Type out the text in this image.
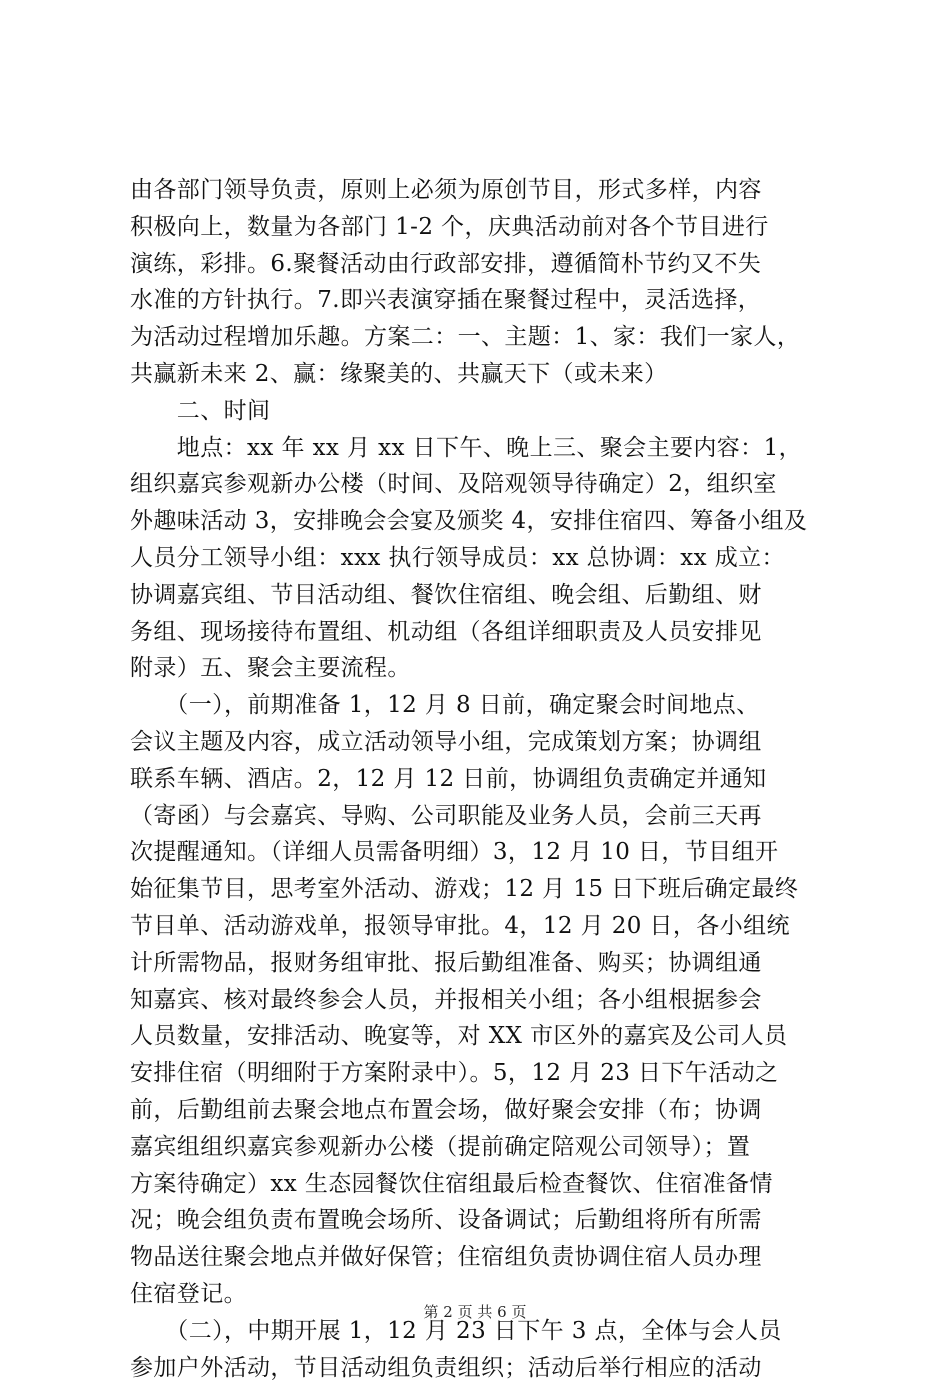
由各部门领导负责，原则上必须为原创节目，形式多样，内容
积极向上，数量为各部门 1-2 个，庆典活动前对各个节目进行
演练，彩排。6.聚餐活动由行政部安排，遵循简朴节约又不失
水准的方针执行。7.即兴表演穿插在聚餐过程中，灵活选择，
为活动过程增加乐趣。方案二：一、主题：1、家：我们一家人，
共赢新未来 2、赢：缘聚美的、共赢天下（或未来）
　　二、时间
　　地点：xx 年 xx 月 xx 日下午、晚上三、聚会主要内容：1，
组织嘉宾参观新办公楼（时间、及陪观领导待确定）2，组织室
外趣味活动 3，安排晚会会宴及颁奖 4，安排住宿四、筹备小组及
人员分工领导小组：xxx 执行领导成员：xx 总协调：xx 成立：
协调嘉宾组、节目活动组、餐饮住宿组、晚会组、后勤组、财
务组、现场接待布置组、机动组（各组详细职责及人员安排见
附录）五、聚会主要流程。
　　（一），前期准备 1，12 月 8 日前，确定聚会时间地点、
会议主题及内容，成立活动领导小组，完成策划方案；协调组
联系车辆、酒店。2，12 月 12 日前，协调组负责确定并通知
（寄函）与会嘉宾、导购、公司职能及业务人员，会前三天再
次提醒通知。（详细人员需备明细）3，12 月 10 日，节目组开
始征集节目，思考室外活动、游戏；12 月 15 日下班后确定最终
节目单、活动游戏单，报领导审批。4，12 月 20 日，各小组统
计所需物品，报财务组审批、报后勤组准备、购买；协调组通
知嘉宾、核对最终参会人员，并报相关小组；各小组根据参会
人员数量，安排活动、晚宴等，对 XX 市区外的嘉宾及公司人员
安排住宿（明细附于方案附录中）。5，12 月 23 日下午活动之
前，后勤组前去聚会地点布置会场，做好聚会安排（布；协调
嘉宾组组织嘉宾参观新办公楼（提前确定陪观公司领导）；置
方案待确定）xx 生态园餐饮住宿组最后检查餐饮、住宿准备情
况；晚会组负责布置晚会场所、设备调试；后勤组将所有所需
物品送往聚会地点并做好保管；住宿组负责协调住宿人员办理
住宿登记。
　　（二），中期开展 1，12 月 23 日下午 3 点，全体与会人员
参加户外活动，节目活动组负责组织；活动后举行相应的活动
第 2 页 共 6 页
